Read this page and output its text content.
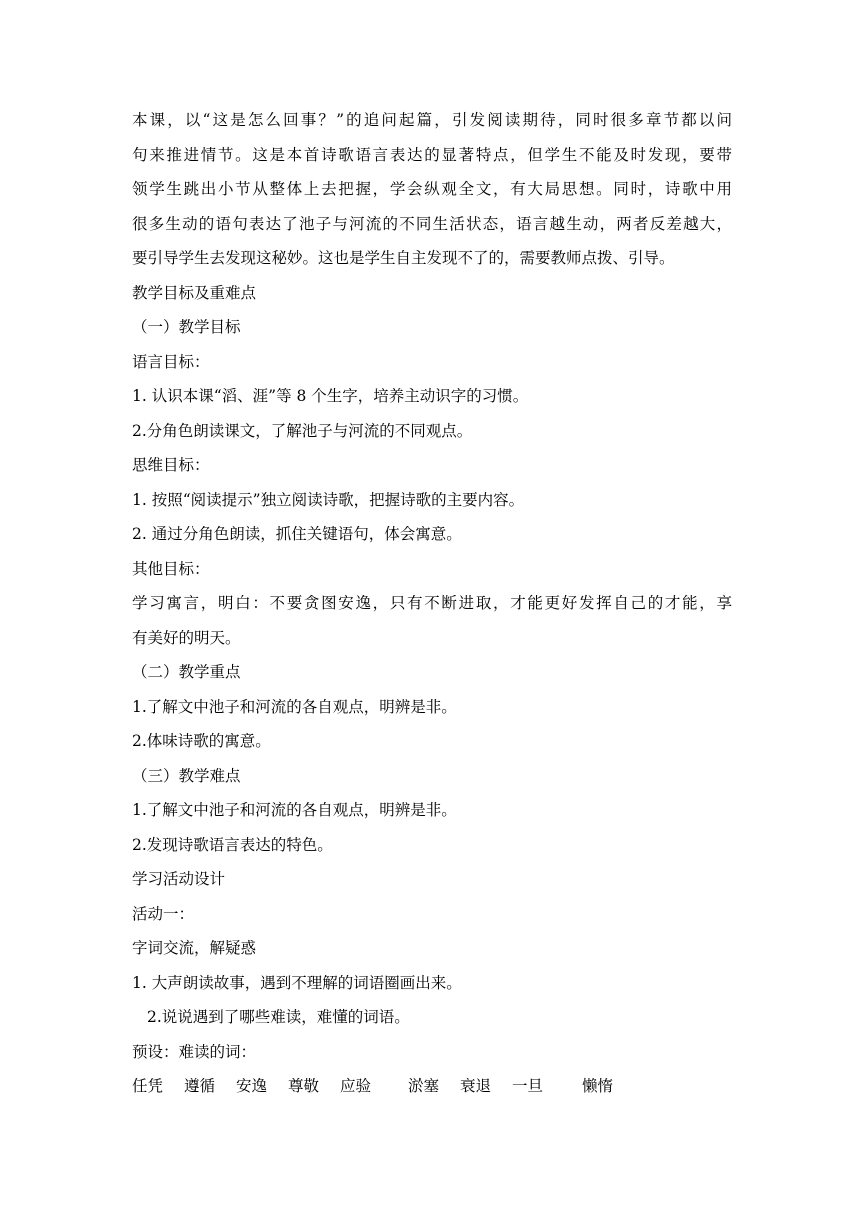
本课，以“这是怎么回事？”的追问起篇，引发阅读期待，同时很多章节都以问
句来推进情节。这是本首诗歌语言表达的显著特点，但学生不能及时发现，要带
领学生跳出小节从整体上去把握，学会纵观全文，有大局思想。同时，诗歌中用
很多生动的语句表达了池子与河流的不同生活状态，语言越生动，两者反差越大，
要引导学生去发现这秘妙。这也是学生自主发现不了的，需要教师点拨、引导。
教学目标及重难点
（一）教学目标
语言目标：
1. 认识本课“滔、涯”等 8 个生字，培养主动识字的习惯。
2.分角色朗读课文，了解池子与河流的不同观点。
思维目标：
1. 按照“阅读提示”独立阅读诗歌，把握诗歌的主要内容。
2. 通过分角色朗读，抓住关键语句，体会寓意。
其他目标：
学习寓言，明白：不要贪图安逸，只有不断进取，才能更好发挥自己的才能，享
有美好的明天。
（二）教学重点
1.了解文中池子和河流的各自观点，明辨是非。
2.体味诗歌的寓意。
（三）教学难点
1.了解文中池子和河流的各自观点，明辨是非。
2.发现诗歌语言表达的特色。
学习活动设计
活动一：
字词交流，解疑惑
1. 大声朗读故事，遇到不理解的词语圈画出来。
2.说说遇到了哪些难读，难懂的词语。
预设：难读的词：
任凭	遵循	安逸	尊敬	应验	淤塞	衰退	一旦	懒惰
